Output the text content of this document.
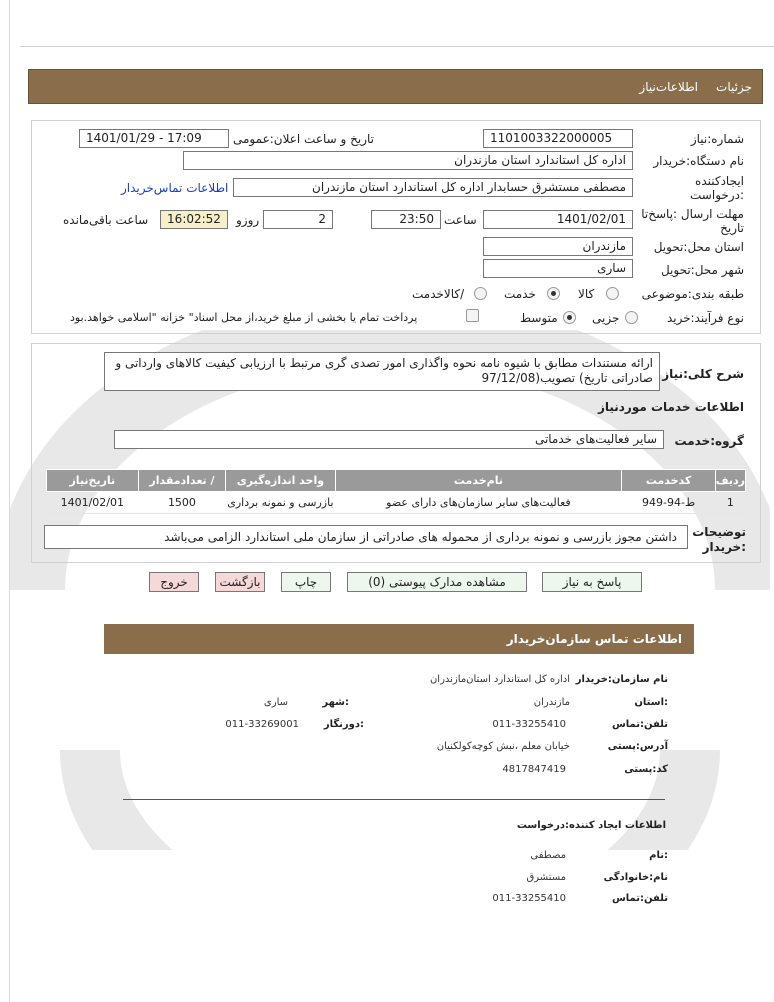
جزئیات
اطلاعات‌نیاز
شماره:نیاز
1101003322000005
تاریخ و ساعت اعلان:عمومی
1401/01/29 - 17:09
نام دستگاه:خریدار
اداره کل استاندارد استان مازندران
ایجادکننده
:درخواست
مصطفی مستشرق حسابدار اداره کل استاندارد استان مازندران
اطلاعات تماس‌خریدار
مهلت ارسال :پاسخ‌تا
تاریخ
1401/02/01
ساعت
23:50
2
روزو
16:02:52
ساعت باقی‌مانده
استان محل:تحویل
مازندران
شهر محل:تحویل
ساری
طبقه بندی:موضوعی
کالا
خدمت
/کالاخدمت
نوع فرآیند:
خرید
جزیی
متوسط
پرداخت تمام یا بخشی از مبلغ خرید،از محل اسناد" خزانه "اسلامی خواهد.بود
شرح کلی:نیاز
ارائه مستندات مطابق با شیوه نامه نحوه واگذاری امور تصدی گری مرتبط با ارزیابی کیفیت کالاهای وارداتی و
صادراتی تاریخ) تصویب(97/12/08
اطلاعات خدمات موردنیاز
گروه:خدمت
سایر فعالیت‌های خدماتی
ردیف	کدخدمت	نام‌خدمت	واحد اندازه‌گیری	/ تعدادمقدار	تاریخ‌نیاز
1	ط-94-949	فعالیت‌های سایر سازمان‌های دارای عضو	بازرسی و نمونه برداری	1500	1401/02/01
توضیحات
:خریدار
داشتن مجوز بازرسی و نمونه برداری از محموله های صادراتی از سازمان ملی استاندارد الزامی می‌باشد
پاسخ به نیاز
مشاهده مدارک پیوستی (0)
چاپ
بازگشت
خروج
اطلاعات تماس سازمان‌خریدار
نام سازمان:خریدار
اداره کل استاندارد استان‌مازندران
:استان
مازندران
:شهر
ساری
تلفن:تماس
011-33255410
:دورنگار
011-33269001
آدرس:پستی
خیابان معلم ،نبش کوچه‌کولکنیان
کد:پستی
4817847419
اطلاعات ایجاد کننده:درخواست
:نام
مصطفی
نام:خانوادگی
مستشرق
تلفن:تماس
011-33255410
